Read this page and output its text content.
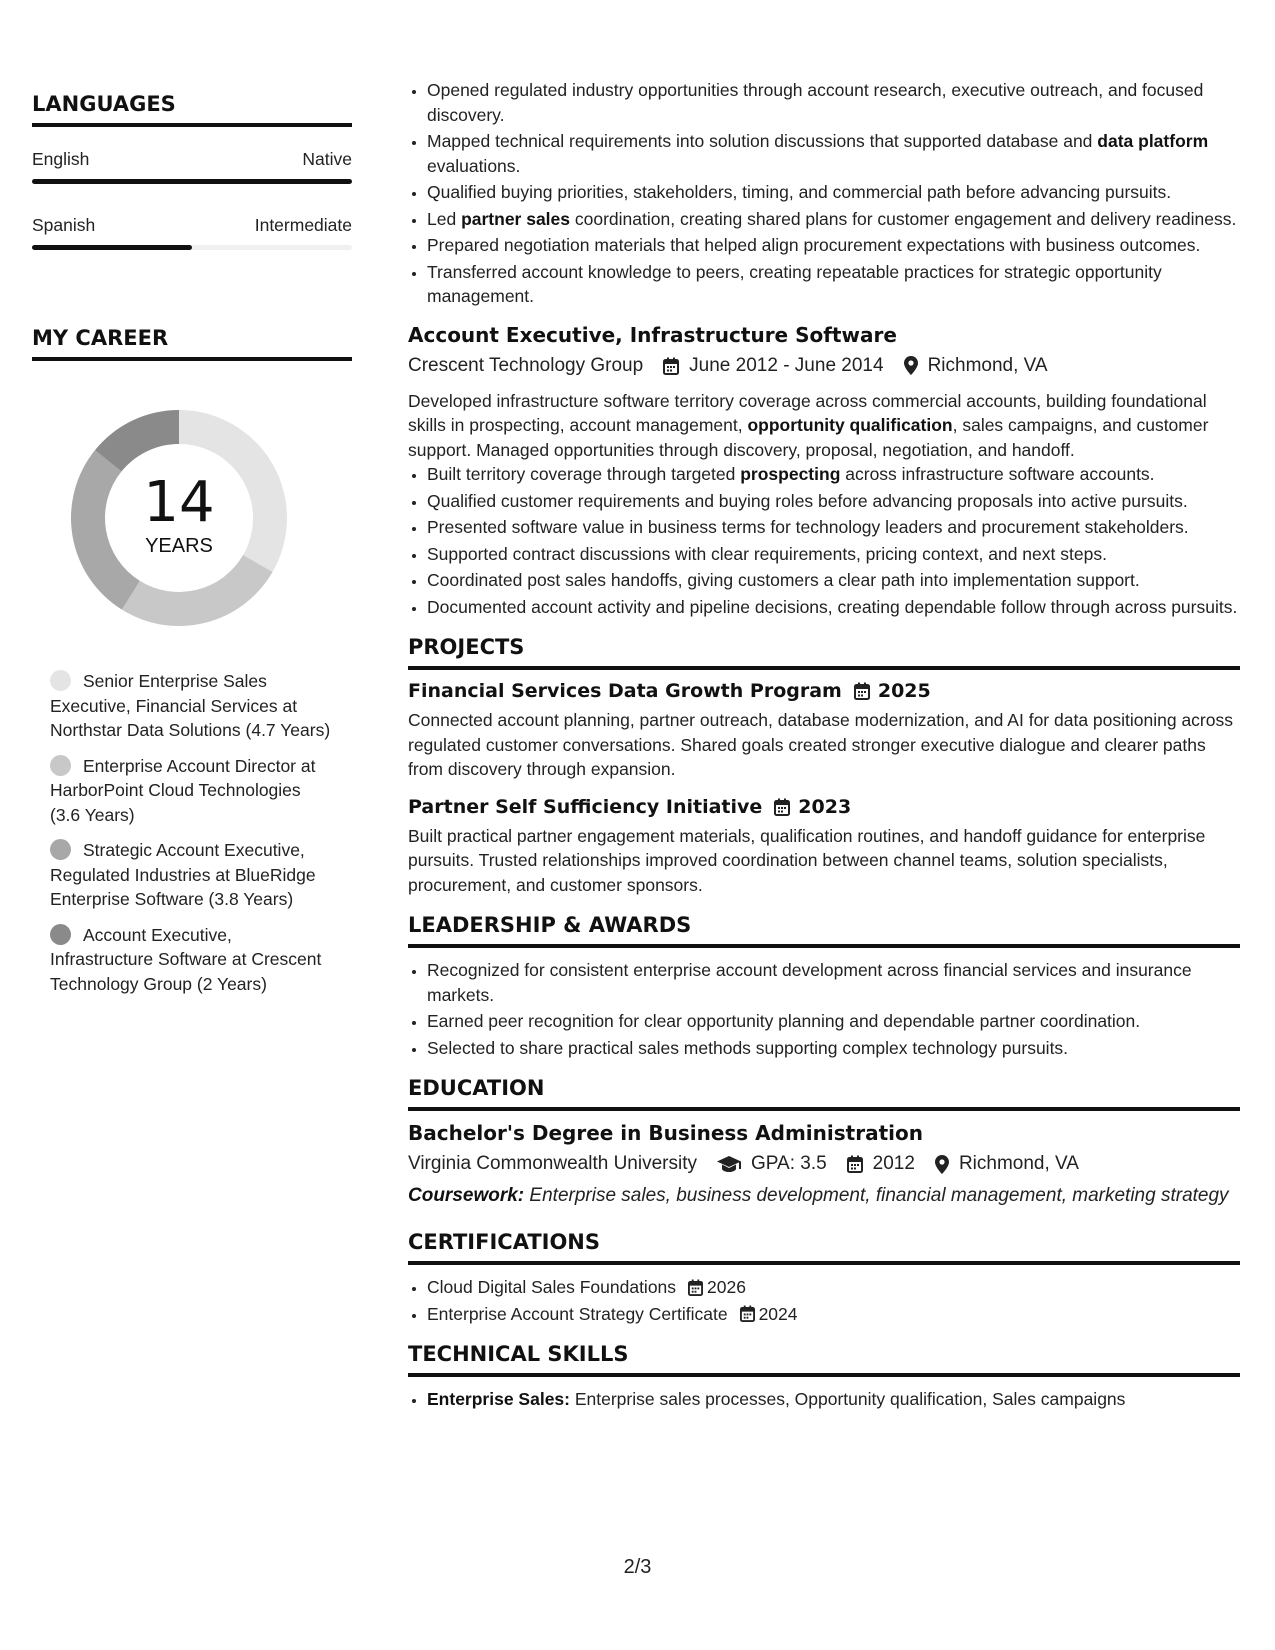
LANGUAGES
English	Native
Spanish	Intermediate
MY CAREER
14
YEARS
Senior Enterprise Sales Executive, Financial Services at Northstar Data Solutions (4.7 Years)
Enterprise Account Director at HarborPoint Cloud Technologies (3.6 Years)
Strategic Account Executive, Regulated Industries at BlueRidge Enterprise Software (3.8 Years)
Account Executive, Infrastructure Software at Crescent Technology Group (2 Years)
• Opened regulated industry opportunities through account research, executive outreach, and focused discovery.
• Mapped technical requirements into solution discussions that supported database and data platform evaluations.
• Qualified buying priorities, stakeholders, timing, and commercial path before advancing pursuits.
• Led partner sales coordination, creating shared plans for customer engagement and delivery readiness.
• Prepared negotiation materials that helped align procurement expectations with business outcomes.
• Transferred account knowledge to peers, creating repeatable practices for strategic opportunity management.
Account Executive, Infrastructure Software
Crescent Technology Group June 2012 - June 2014 Richmond, VA

Developed infrastructure software territory coverage across commercial accounts, building foundational skills in prospecting, account management, opportunity qualification, sales campaigns, and customer support. Managed opportunities through discovery, proposal, negotiation, and handoff.

• Built territory coverage through targeted prospecting across infrastructure software accounts.
• Qualified customer requirements and buying roles before advancing proposals into active pursuits.
• Presented software value in business terms for technology leaders and procurement stakeholders.
• Supported contract discussions with clear requirements, pricing context, and next steps.
• Coordinated post sales handoffs, giving customers a clear path into implementation support.
• Documented account activity and pipeline decisions, creating dependable follow through across pursuits.
PROJECTS
Financial Services Data Growth Program 2025

Connected account planning, partner outreach, database modernization, and AI for data positioning across regulated customer conversations. Shared goals created stronger executive dialogue and clearer paths from discovery through expansion.

Partner Self Sufficiency Initiative 2023

Built practical partner engagement materials, qualification routines, and handoff guidance for enterprise pursuits. Trusted relationships improved coordination between channel teams, solution specialists, procurement, and customer sponsors.

LEADERSHIP & AWARDS
• Recognized for consistent enterprise account development across financial services and insurance markets.
• Earned peer recognition for clear opportunity planning and dependable partner coordination.
• Selected to share practical sales methods supporting complex technology pursuits.
EDUCATION
Bachelor's Degree in Business Administration
Virginia Commonwealth University	GPA: 3.5 2012 Richmond, VA

Coursework: Enterprise sales, business development, financial management, marketing strategy

CERTIFICATIONS
• Cloud Digital Sales Foundations 2026
• Enterprise Account Strategy Certificate 2024
TECHNICAL SKILLS
• Enterprise Sales: Enterprise sales processes, Opportunity qualification, Sales campaigns
2/3
